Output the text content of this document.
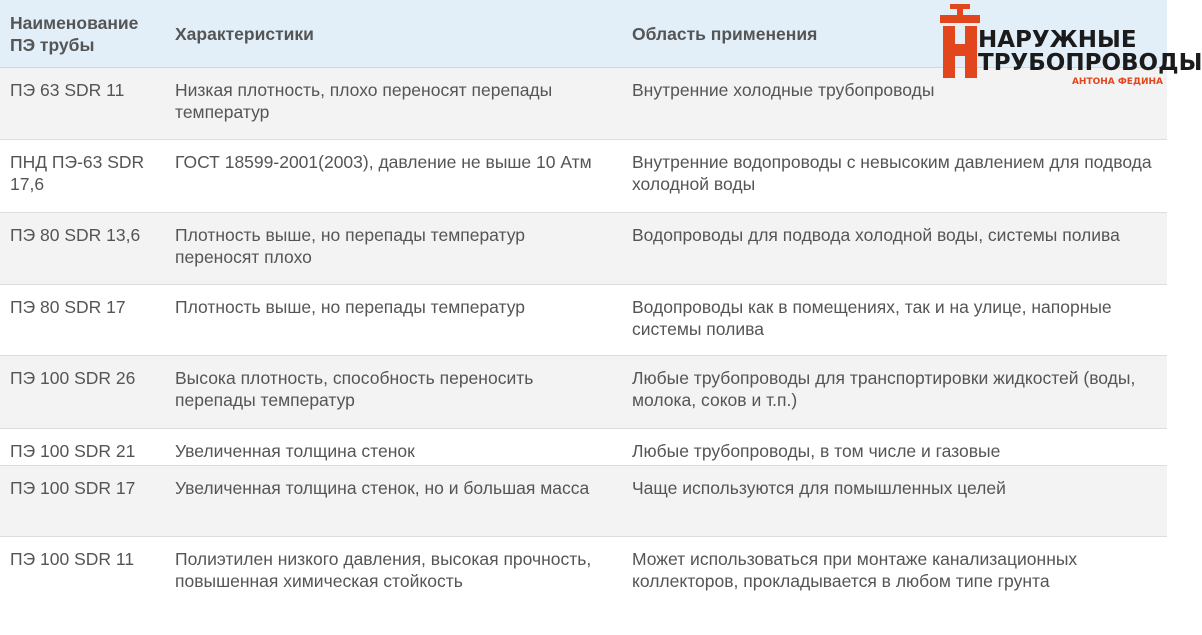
Наименование ПЭ трубы	Характеристики	Область применения
ПЭ 63 SDR 11	Низкая плотность, плохо переносят перепады температур	Внутренние холодные трубопроводы
ПНД ПЭ-63 SDR 17,6	ГОСТ 18599-2001(2003), давление не выше 10 Атм	Внутренние водопроводы с невысоким давлением для подвода холодной воды
ПЭ 80 SDR 13,6	Плотность выше, но перепады температур переносят плохо	Водопроводы для подвода холодной воды, системы полива
ПЭ 80 SDR 17	Плотность выше, но перепады температур	Водопроводы как в помещениях, так и на улице, напорные системы полива
ПЭ 100 SDR 26	Высока плотность, способность переносить перепады температур	Любые трубопроводы для транспортировки жидкостей (воды, молока, соков и т.п.)
ПЭ 100 SDR 21	Увеличенная толщина стенок	Любые трубопроводы, в том числе и газовые
ПЭ 100 SDR 17	Увеличенная толщина стенок, но и большая масса	Чаще используются для помышленных целей
ПЭ 100 SDR 11	Полиэтилен низкого давления, высокая прочность, повышенная химическая стойкость	Может использоваться при монтаже канализационных коллекторов, прокладывается в любом типе грунта
НАРУЖНЫЕ
ТРУБОПРОВОДЫ
АНТОНА ФЕДИНА
